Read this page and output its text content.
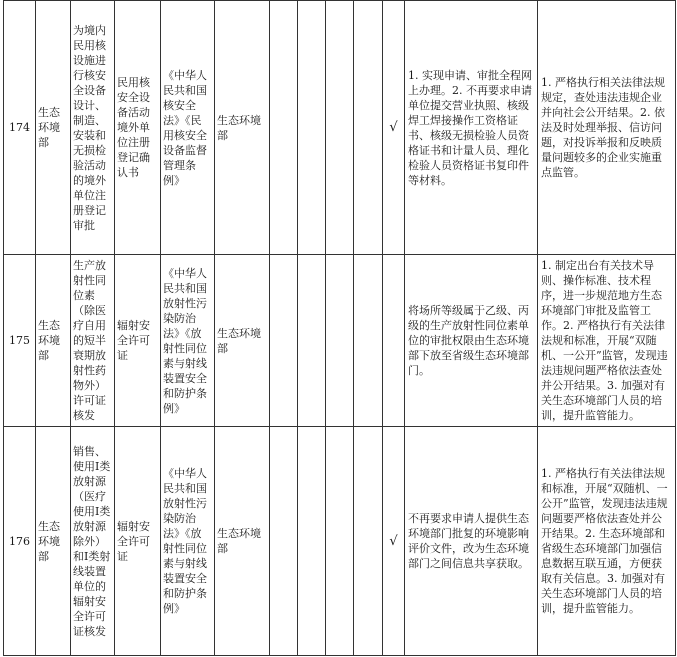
174	生态环境部	为境内民用核设施进行核安全设备设计、制造、安装和无损检验活动的境外单位注册登记审批	民用核安全设备活动境外单位注册登记确认书	《中华人民共和国核安全法》《民用核安全设备监督管理条例》	生态环境部					√	1. 实现申请、审批全程网上办理。2. 不再要求申请单位提交营业执照、核级焊工焊接操作工资格证书、核级无损检验人员资格证书和计量人员、理化检验人员资格证书复印件等材料。	1. 严格执行相关法律法规规定，查处违法违规企业并向社会公开结果。2. 依法及时处理举报、信访问题，对投诉举报和反映质量问题较多的企业实施重点监管。
175	生态环境部	生产放射性同位素（除医疗自用的短半衰期放射性药物外）许可证核发	辐射安全许可证	《中华人民共和国放射性污染防治法》《放射性同位素与射线装置安全和防护条例》	生态环境部						将场所等级属于乙级、丙级的生产放射性同位素单位的审批权限由生态环境部下放至省级生态环境部门。	1. 制定出台有关技术导则、操作标准、技术程序，进一步规范地方生态环境部门审批及监管工作。2. 严格执行有关法律法规和标准，开展“双随机、一公开”监管，发现违法违规问题严格依法查处并公开结果。3. 加强对有关生态环境部门人员的培训，提升监管能力。
176	生态环境部	销售、使用Ⅰ类放射源（医疗使用Ⅰ类放射源除外）和Ⅰ类射线装置单位的辐射安全许可证核发	辐射安全许可证	《中华人民共和国放射性污染防治法》《放射性同位素与射线装置安全和防护条例》	生态环境部					√	不再要求申请人提供生态环境部门批复的环境影响评价文件，改为生态环境部门之间信息共享获取。	1. 严格执行有关法律法规和标准，开展“双随机、一公开”监管，发现违法违规问题要严格依法查处并公开结果。2. 生态环境部和省级生态环境部门加强信息数据互联互通，方便获取有关信息。3. 加强对有关生态环境部门人员的培训，提升监管能力。
